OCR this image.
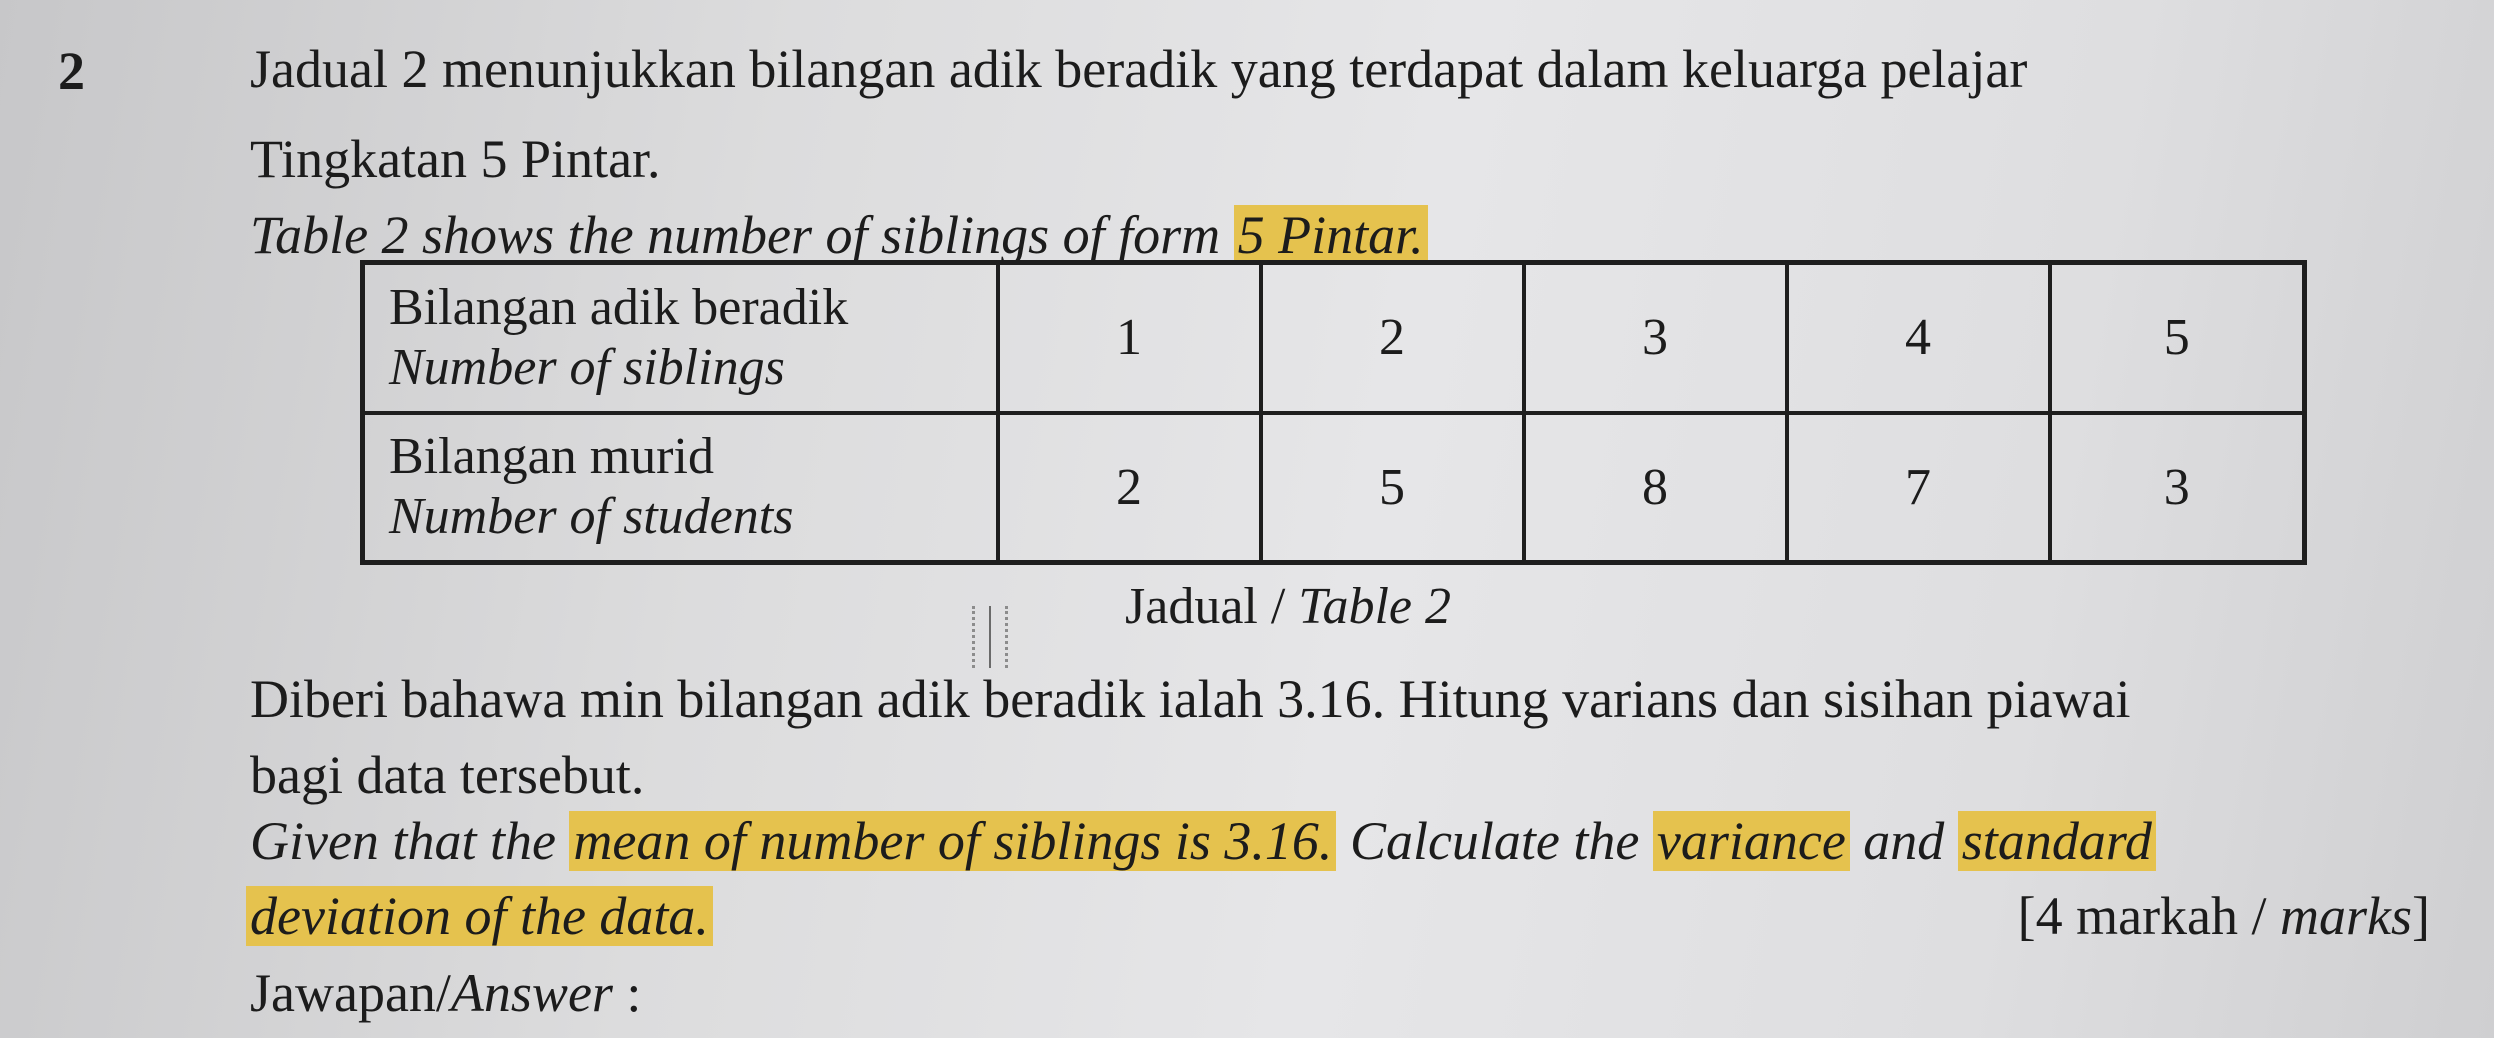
2	Jadual 2 menunjukkan bilangan adik beradik yang terdapat dalam keluarga pelajar
Tingkatan 5 Pintar.
Table 2 shows the number of siblings of form 5 Pintar.
Bilangan adik beradik
Number of siblings	1	2	3	4	5

Bilangan murid
Number of students	2	5	8	7	3
Jadual / Table 2
Diberi bahawa min bilangan adik beradik ialah 3.16. Hitung varians dan sisihan piawai
bagi data tersebut.
Given that the mean of number of siblings is 3.16. Calculate the variance and standard
deviation of the data.	[4 markah / marks]
Jawapan/Answer :
